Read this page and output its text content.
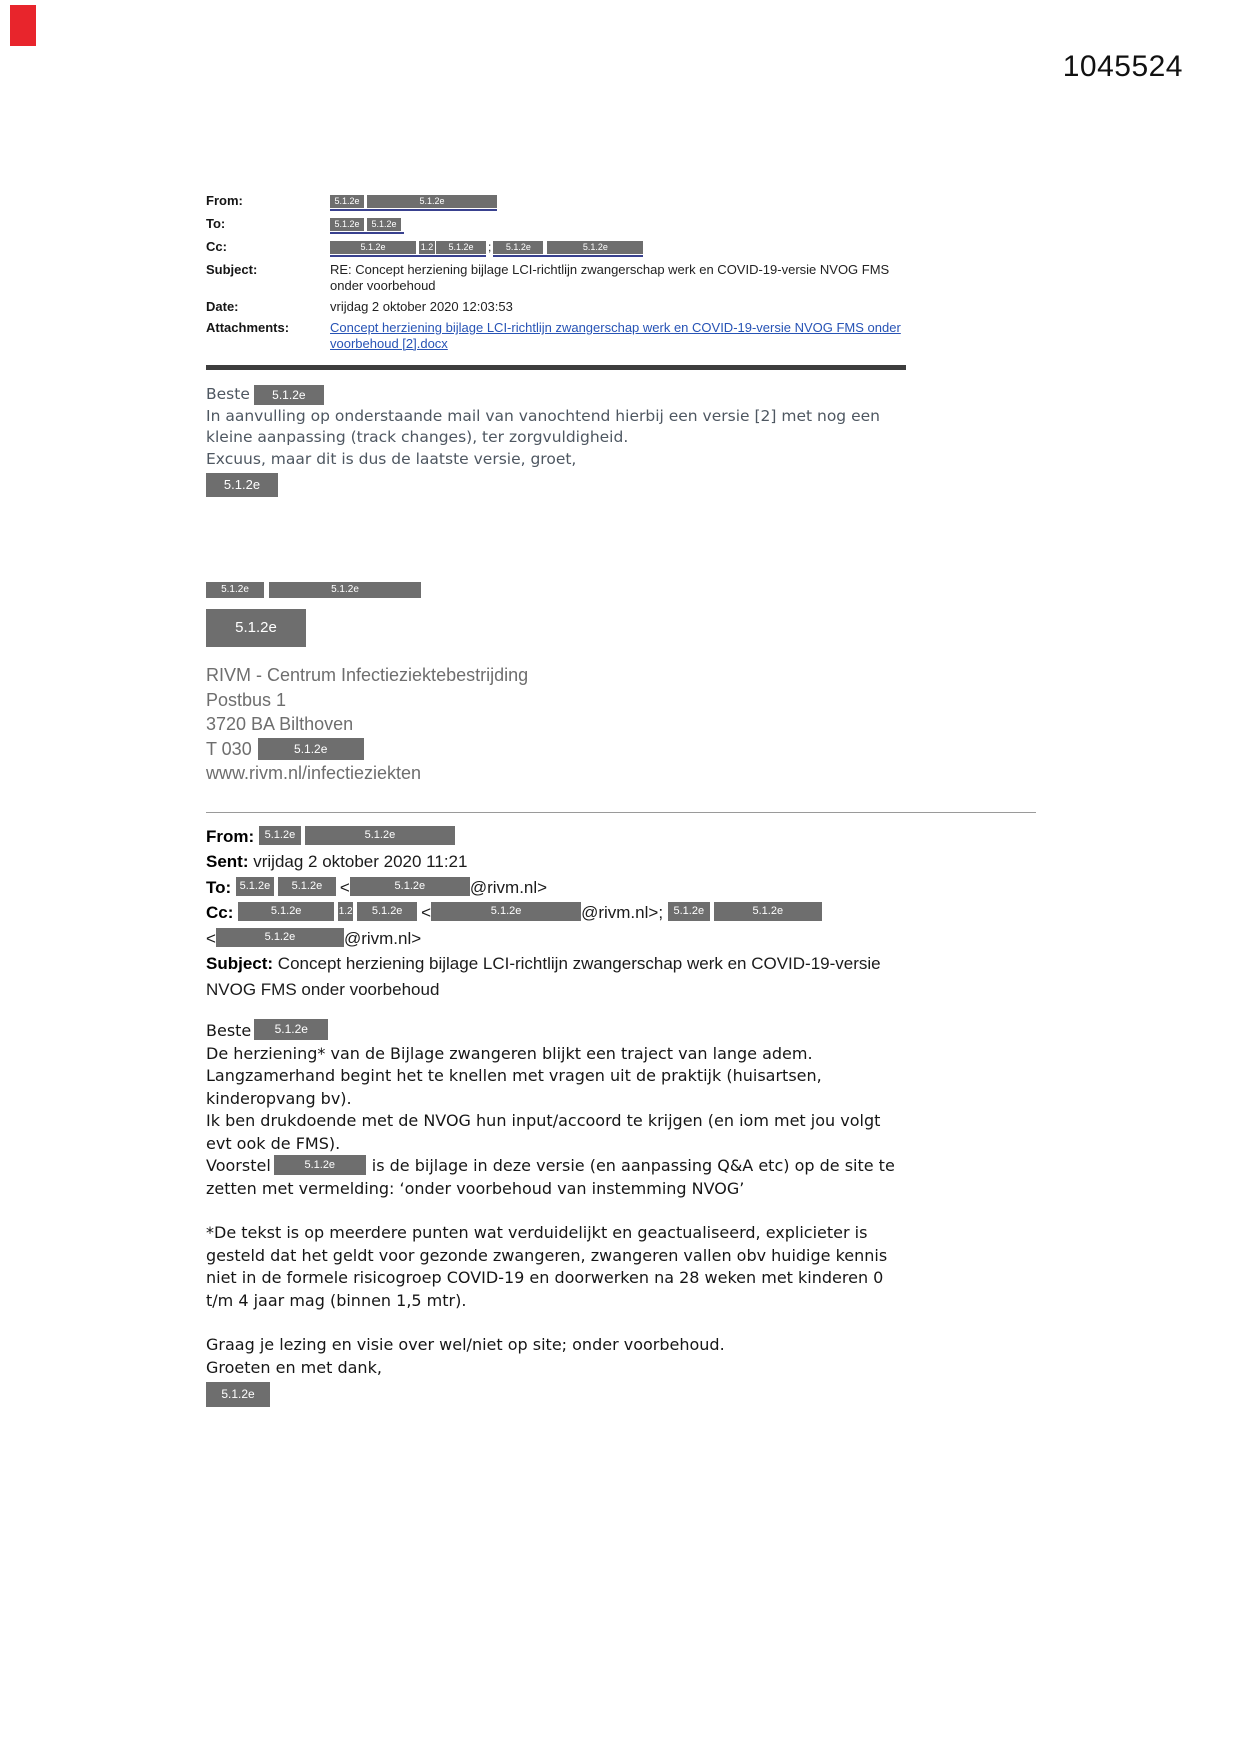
1045524
From:	5.1.2e	5.1.2e
To:	5.1.2e 5.1.2e
Cc:	5.1.2e	1.2 5.1.2e ; 5.1.2e	5.1.2e
Subject:	RE: Concept herziening bijlage LCI-richtlijn zwangerschap werk en COVID-19-versie NVOG FMS onder voorbehoud
Date:	vrijdag 2 oktober 2020 12:03:53
Attachments:	Concept herziening bijlage LCI-richtlijn zwangerschap werk en COVID-19-versie NVOG FMS onder voorbehoud [2].docx

Beste 5.1.2e

In aanvulling op onderstaande mail van vanochtend hierbij een versie [2] met nog een kleine aanpassing (track changes), ter zorgvuldigheid.

Excuus, maar dit is dus de laatste versie, groet,

5.1.2e
5.1.2e	5.1.2e
5.1.2e
RIVM - Centrum Infectieziektebestrijding
Postbus 1
3720 BA Bilthoven
T 030	5.1.2e
www.rivm.nl/infectieziekten
From: 5.1.2e	5.1.2e
Sent: vrijdag 2 oktober 2020 11:21
To: 5.1.2e 5.1.2e <	5.1.2e	@rivm.nl>
Cc:	5.1.2e	1.2 5.1.2e <	5.1.2e	@rivm.nl>; 5.1.2e	5.1.2e
<	5.1.2e	@rivm.nl>
Subject: Concept herziening bijlage LCI-richtlijn zwangerschap werk en COVID-19-versie NVOG FMS onder voorbehoud

Beste 5.1.2e

De herziening* van de Bijlage zwangeren blijkt een traject van lange adem.

Langzamerhand begint het te knellen met vragen uit de praktijk (huisartsen, kinderopvang bv).

Ik ben drukdoende met de NVOG hun input/accoord te krijgen (en iom met jou volgt evt ook de FMS).

Voorstel	5.1.2e is de bijlage in deze versie (en aanpassing Q&A etc) op de site te zetten met vermelding: ‘onder voorbehoud van instemming NVOG’

*De tekst is op meerdere punten wat verduidelijkt en geactualiseerd, explicieter is gesteld dat het geldt voor gezonde zwangeren, zwangeren vallen obv huidige kennis niet in de formele risicogroep COVID-19 en doorwerken na 28 weken met kinderen 0 t/m 4 jaar mag (binnen 1,5 mtr).

Graag je lezing en visie over wel/niet op site; onder voorbehoud.

Groeten en met dank,

5.1.2e
